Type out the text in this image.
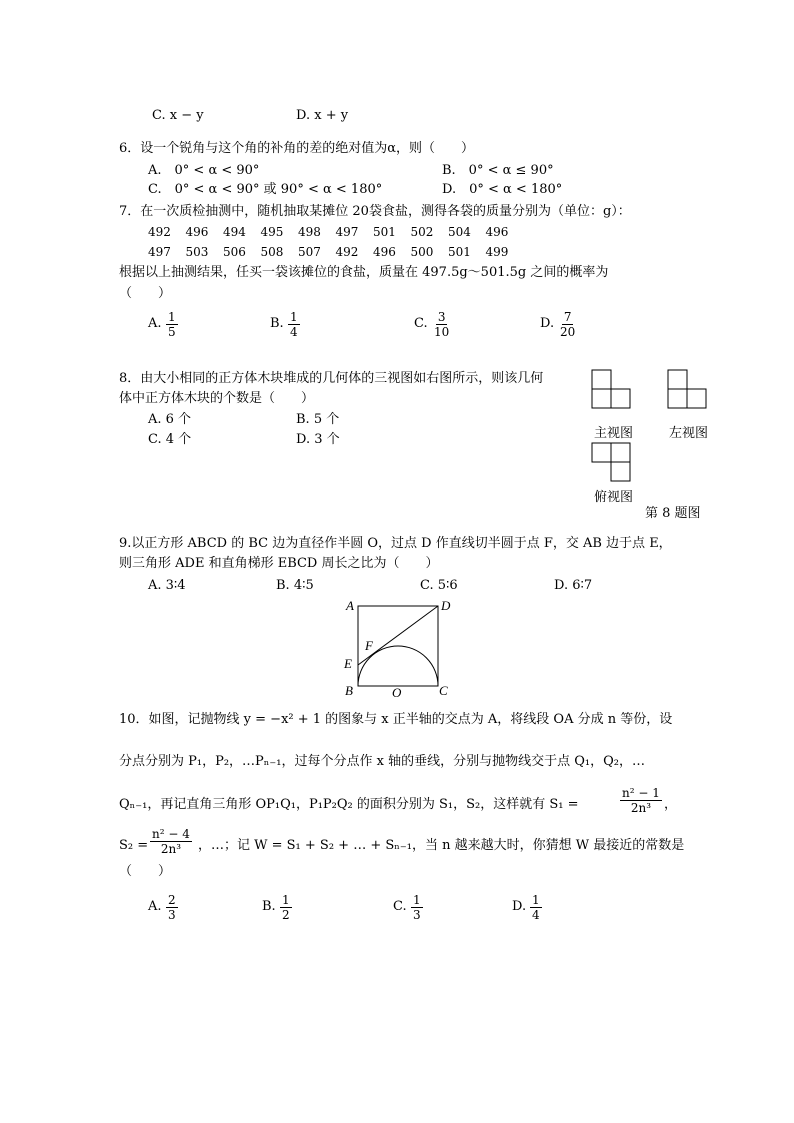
C. x − y	D. x + y
6．设一个锐角与这个角的补角的差的绝对值为α，则（　　）
A.　0° < α < 90°	B.　0° < α ≤ 90°
C.　0° < α < 90° 或 90° < α < 180°	D.　0° < α < 180°
7．在一次质检抽测中，随机抽取某摊位 20袋食盐，测得各袋的质量分别为（单位：g）：
492 496 494 495 498 497 501 502 504 496
497 503 506 508 507 492 496 500 501 499
根据以上抽测结果，任买一袋该摊位的食盐，质量在 497.5g～501.5g 之间的概率为
（　　）
A. $\frac{1}{5}$	B. $\frac{1}{4}$	C. $\frac{3}{10}$	D. $\frac{7}{20}$
8．由大小相同的正方体木块堆成的几何体的三视图如右图所示，则该几何
体中正方体木块的个数是（　　）
A. 6 个	B. 5 个
C. 4 个	D. 3 个	主视图	左视图
俯视图
第 8 题图
9.以正方形 ABCD 的 BC 边为直径作半圆 O，过点 D 作直线切半圆于点 F，交 AB 边于点 E，
则三角形 ADE 和直角梯形 EBCD 周长之比为（　　）
A. 3∶4	B. 4∶5	C. 5∶6	D. 6∶7
A	D
F
E
B	O	C
10．如图，记抛物线 y = −x² + 1 的图象与 x 正半轴的交点为 A，将线段 OA 分成 n 等份，设
分点分别为 P₁，P₂，…Pₙ₋₁，过每个分点作 x 轴的垂线，分别与抛物线交于点 Q₁，Q₂，…
Qₙ₋₁，再记直角三角形 OP₁Q₁，P₁P₂Q₂ 的面积分别为 S₁，S₂，这样就有 S₁ =	$\frac{\text{n² − 1}}{\text{2n³}}$ ，
$S_2 = \frac{\text{n² − 4}}{\text{2n³}}$ ，…；记 W = S₁ + S₂ + … + Sₙ₋₁，当 n 越来越大时，你猜想 W 最接近的常数是
（　　）
A. $\frac{2}{3}$	B. $\frac{1}{2}$	C. $\frac{1}{3}$	D. $\frac{1}{4}$
